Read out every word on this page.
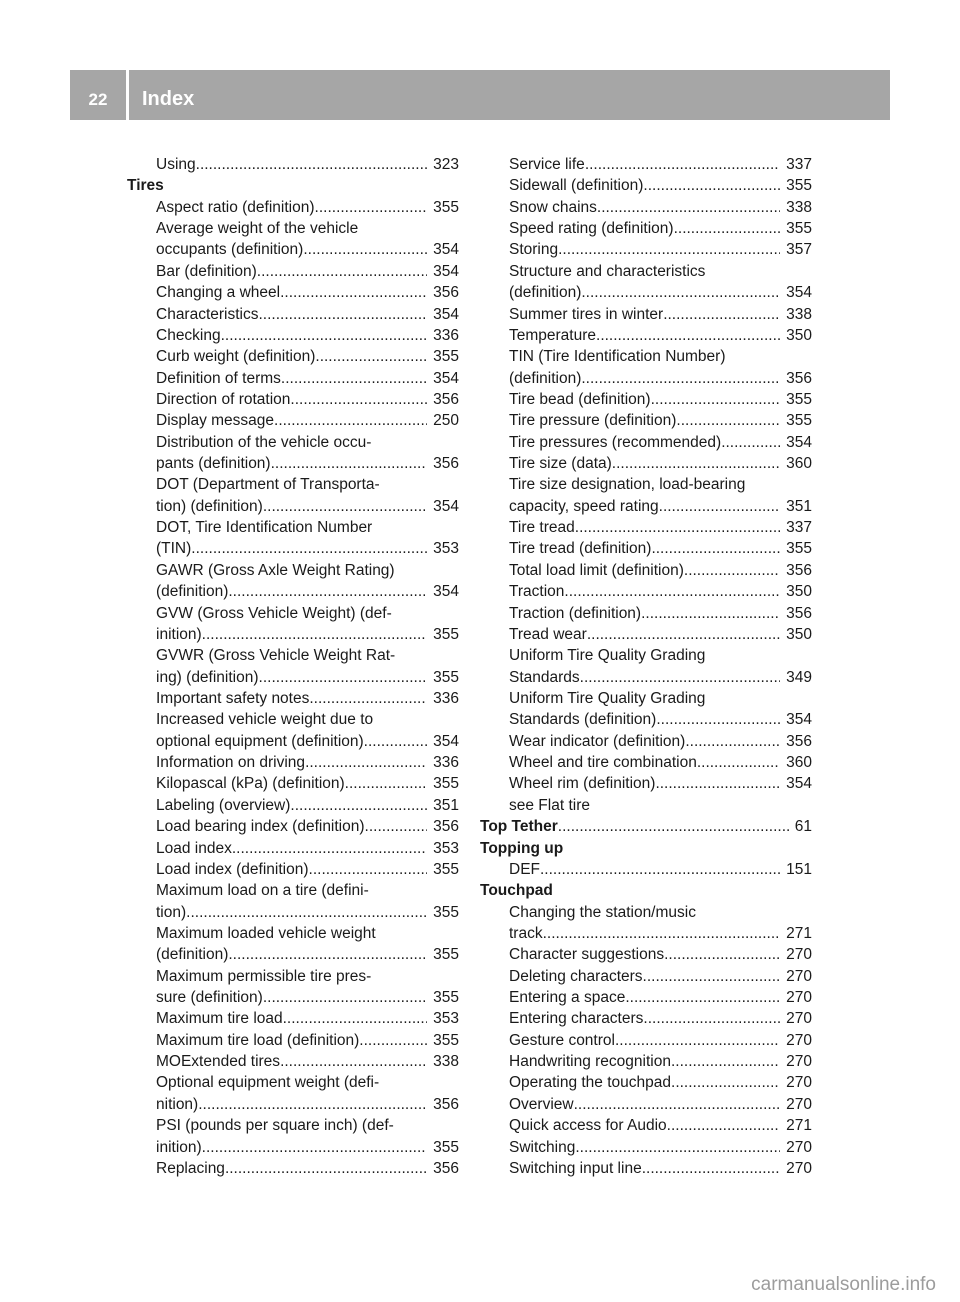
22	Index
Using .....	323
Tires
Aspect ratio (definition) .....	355
Average weight of the vehicle
occupants (definition) .....	354
Bar (definition) .....	354
Changing a wheel .....	356
Characteristics .....	354
Checking .....	336
Curb weight (definition) .....	355
Definition of terms .....	354
Direction of rotation .....	356
Display message .....	250
Distribution of the vehicle occu-
pants (definition) .....	356
DOT (Department of Transporta-
tion) (definition) .....	354
DOT, Tire Identification Number
(TIN) .....	353
GAWR (Gross Axle Weight Rating)
(definition) .....	354
GVW (Gross Vehicle Weight) (def-
inition) .....	355
GVWR (Gross Vehicle Weight Rat-
ing) (definition) .....	355
Important safety notes .....	336
Increased vehicle weight due to
optional equipment (definition) .....	354
Information on driving .....	336
Kilopascal (kPa) (definition) .....	355
Labeling (overview) .....	351
Load bearing index (definition) .....	356
Load index .....	353
Load index (definition) .....	355
Maximum load on a tire (defini-
tion) .....	355
Maximum loaded vehicle weight
(definition) .....	355
Maximum permissible tire pres-
sure (definition) .....	355
Maximum tire load .....	353
Maximum tire load (definition) .....	355
MOExtended tires .....	338
Optional equipment weight (defi-
nition) .....	356
PSI (pounds per square inch) (def-
inition) .....	355
Replacing .....	356
Service life .....	337
Sidewall (definition) .....	355
Snow chains .....	338
Speed rating (definition) .....	355
Storing .....	357
Structure and characteristics
(definition) .....	354
Summer tires in winter .....	338
Temperature .....	350
TIN (Tire Identification Number)
(definition) .....	356
Tire bead (definition) .....	355
Tire pressure (definition) .....	355
Tire pressures (recommended) .....	354
Tire size (data) .....	360
Tire size designation, load-bearing
capacity, speed rating .....	351
Tire tread .....	337
Tire tread (definition) .....	355
Total load limit (definition) .....	356
Traction .....	350
Traction (definition) .....	356
Tread wear .....	350
Uniform Tire Quality Grading
Standards .....	349
Uniform Tire Quality Grading
Standards (definition) .....	354
Wear indicator (definition) .....	356
Wheel and tire combination .....	360
Wheel rim (definition) .....	354
see Flat tire
Top Tether .....	61
Topping up
DEF .....	151
Touchpad
Changing the station/music
track .....	271
Character suggestions .....	270
Deleting characters .....	270
Entering a space .....	270
Entering characters .....	270
Gesture control .....	270
Handwriting recognition .....	270
Operating the touchpad .....	270
Overview .....	270
Quick access for Audio .....	271
Switching .....	270
Switching input line .....	270
carmanualsonline.info
